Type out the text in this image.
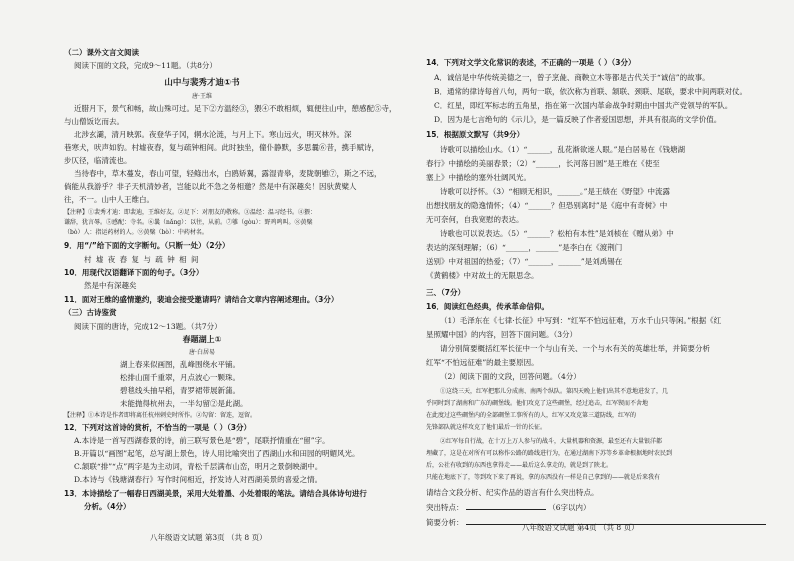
（二）课外文言文阅读
阅读下面的文段，完成9～11题。（共8分）
山中与裴秀才迪①书
唐·王维
近腊月下，景气和畅，故山殊可过。足下②方温经③，猥④不敢相烦，辄便往山中，憩感配⑤寺，
与山僧饭讫而去。
北涉玄灞，清月映郭。夜登华子冈，辋水沦涟，与月上下。寒山远火，明灭林外。深
巷寒犬，吠声如豹。村墟夜舂，复与疏钟相间。此时独坐，僮仆静默，多思曩⑥昔，携手赋诗，
步仄径，临清流也。
当待春中，草木蔓发，春山可望，轻鲦出水，白鸥矫翼，露湿青皋，麦陇朝雊⑦，斯之不远，
倘能从我游乎？非子天机清妙者，岂能以此不急之务相邀？然是中有深趣矣！因驮黄檗人
往，不一。山中人王维白。
【注释】①裴秀才迪：即裴迪，王维好友。②足下：对朋友的敬称。③温经：温习经书。④猥：
谦辞，犹言辱。⑤感配：寺名。⑥曩（nǎng）：以往，从前。⑦雊（gòu）：野鸡鸣叫。⑧黄檗
（bò）人：指运药材的人。⑨黄檗（bò）：中药材名。
9．用“/”给下面的文字断句。（只断一处）（2分）
村 墟 夜 舂 复 与 疏 钟 相 间
10．用现代汉语翻译下面的句子。（3分）
然是中有深趣矣
11．面对王维的盛情邀约，裴迪会接受邀请吗？请结合文章内容阐述理由。（3分）
（三）古诗鉴赏
阅读下面的唐诗，完成12～13题。（共7分）
春题湖上①
唐·白居易
湖上春来似画图，乱峰围绕水平铺。
松排山面千重翠，月点波心一颗珠。
碧毯线头抽早稻，青罗裙带展新蒲。
未能抛得杭州去，一半勾留②是此湖。
【注释】①本诗是作者即将离任杭州刺史时所作。②勾留：留连，逗留。
12．下列对这首诗的赏析，不恰当的一项是（ ）（3分）
A.本诗是一首写西湖春景的诗，前三联写景色是“碧”，尾联抒情重在“留”字。
B.开篇以“画图”起笔，总写湖上景色，诗人用比喻突出了西湖山水和田园的明媚风光。
C.颔联“排”“点”两字是为主动词，青松千层满布山峦，明月之景倒映湖中。
D.本诗与《钱塘湖春行》写作时间相近，抒发诗人对西湖美景的喜爱之情。
13．本诗描绘了一幅春日西湖美景，采用大处着墨、小处着眼的笔法。请结合具体诗句进行
分析。（4分）
八年级语文试题 第3页 （共 8 页）
14．下列对文学文化常识的表述，不正确的一项是（ ）（3分）
A．诚信是中华传统美德之一，曾子烹彘、商鞅立木等都是古代关于“诚信”的故事。
B．通常的律诗每首八句，两句一联，依次称为首联、颔联、颈联、尾联，要求中间两联对仗。
C．红星，即红军标志的五角星，指在第一次国内革命战争时期由中国共产党领导的军队。
D．因为是七言绝句的《示儿》，是一篇反映了作者爱国思想，并具有很高的文学价值。
15．根据原文默写（共9分）
诗歌可以描绘山水。（1）“______，乱花渐欲迷人眼。”是白居易在《钱塘湖
春行》中描绘的美丽春景；（2）“______，长河落日圆”是王维在《使至
塞上》中描绘的塞外壮阔风光。
诗歌可以抒怀。（3）“相顾无相识，______。”是王绩在《野望》中流露
出想找朋友的隐逸情怀；（4）“______？但恐别离时”是《庭中有奇树》中
无可奈何，自我宽慰的表达。
诗歌也可以说表达。（5）“______？松柏有本性”是刘桢在《赠从弟》中
表达的深刻理解；（6）“______，______”是李白在《渡荆门
送别》中对祖国的热爱；（7）“______，______”是刘禹锡在
《黄鹤楼》中对故土的无限思念。
三、（7分）
16．阅读红色经典，传承革命信仰。
（1）毛泽东在《七律·长征》中写到：“红军不怕远征难，万水千山只等闲。”根据《红
星照耀中国》的内容，回答下面问题。（3分）
请分别简要概括红军长征中一个与山有关、一个与水有关的英雄壮举，并简要分析
红军“不怕远征难”的最主要原因。
（2）阅读下面的文段，回答问题。（4分）
①这绕三天，红军把那儿分成南、南两个纵队。第四天晚上他们出其不意地进发了，几
乎同时到了湖南和广东的碉堡线。他们攻克了这些碉堡，经过追击，红军锲而不舍地
在此度过这些碉堡内的全部碉堡工事所有的人，红军又攻克第三道防线，红军的
先锋部队就这样攻克了他们最后一针的长征。
②红军每自行战，在十万上万人参与的战斗，大量机器和资源，最至还有大量银洋都
埋藏了，这是在对所有可以称作公路的路线进行为，在通过湖南下苏等乡革命根据地时农民到
后，公社有收到的东西也拿得走——最后这么拿走的，就是到了陕北。
只能在地底下了，等到攻下来了再说，拿的东西没有一样是自己拿到的——就是后来我有
请结合文段分析、纪实作品的语言有什么突出特点。
突出特点：	（6字以内）
简要分析：
八年级语文试题 第4页 （共 8 页）
